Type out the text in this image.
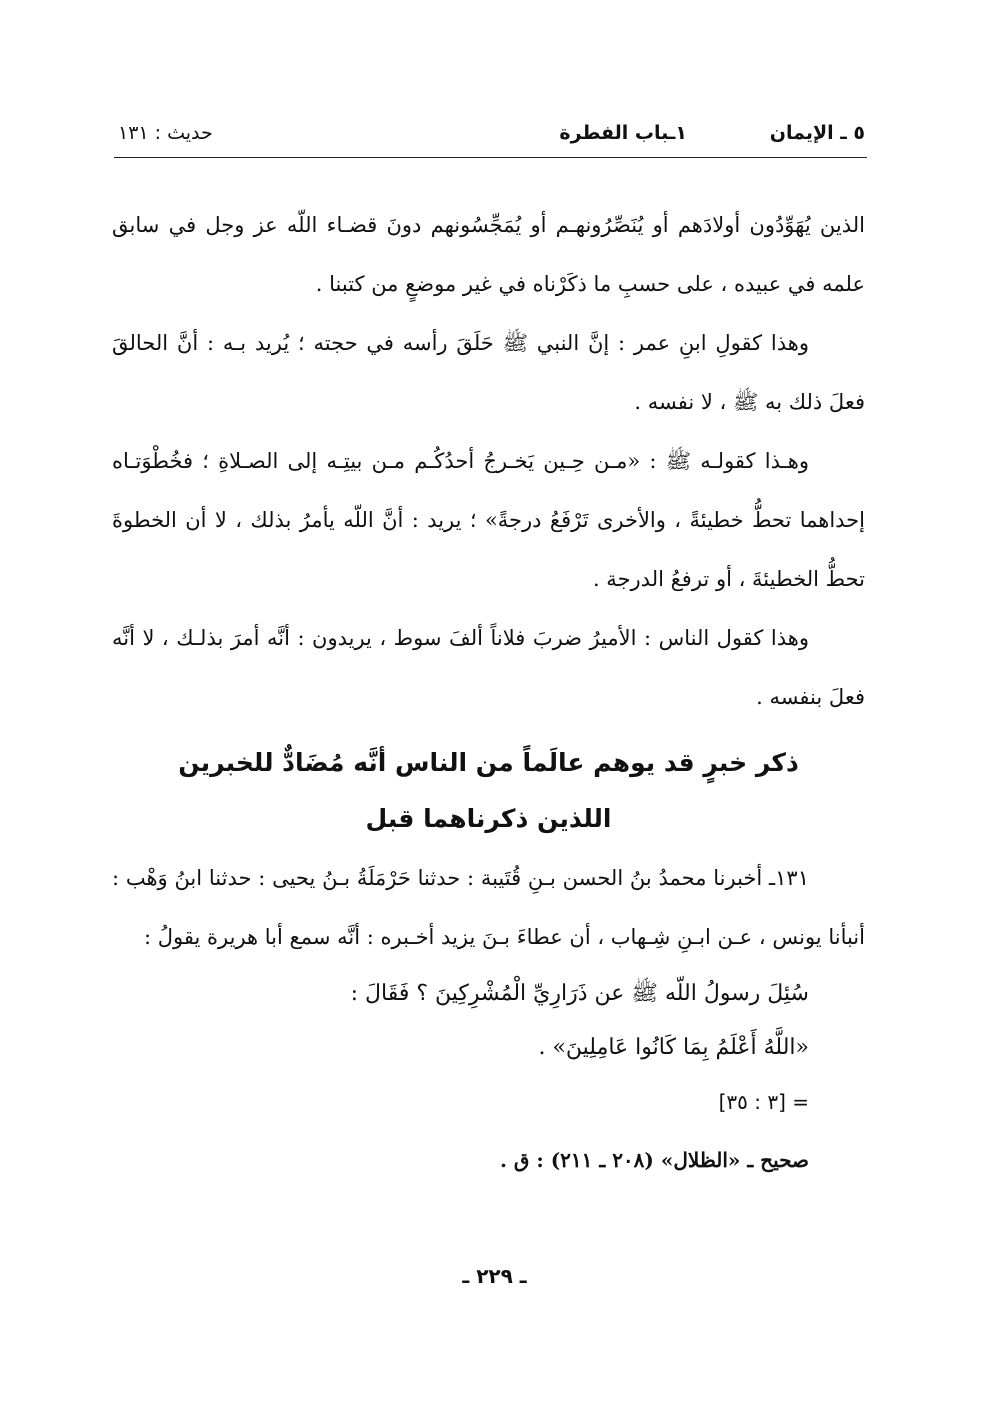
٥ ـ الإيمان
١ـباب الفطرة
حديث : ١٣١

الذين يُهَوِّدُون أولادَهم أو يُنَصِّرُونهـم أو يُمَجِّسُونهم دونَ قضـاء اللّه عز وجل في سابق علمه في عبيده ، على حسبِ ما ذكَرْناه في غير موضعٍ من كتبنا .

وهذا كقولِ ابنِ عمر : إنَّ النبي ﷺ حَلَقَ رأسه في حجته ؛ يُريد بـه : أنَّ الحالقَ فعلَ ذلك به ﷺ ، لا نفسه .

وهـذا كقولـه ﷺ : «مـن حِـين يَخـرجُ أحدُكُـم مـن بيتِـه إلى الصـلاةِ ؛ فخُطْوَتـاه إحداهما تحطُّ خطيئةً ، والأخرى تَرْفَعُ درجةً» ؛ يريد : أنَّ اللّه يأمرُ بذلك ، لا أن الخطوةَ تحطُّ الخطيئةَ ، أو ترفعُ الدرجة .

وهذا كقول الناس : الأميرُ ضربَ فلاناً ألفَ سوط ، يريدون : أنَّه أمرَ بذلـك ، لا أنَّه فعلَ بنفسه .

ذكر خبرٍ قد يوهم عالَماً من الناس أنَّه مُضَادٌّ للخبرين اللذين ذكرناهما قبل

١٣١ـ أخبرنا محمدُ بنُ الحسن بـنِ قُتَيبة : حدثنا حَرْمَلَةُ بـنُ يحيى : حدثنا ابنُ وَهْب : أنبأنا يونس ، عـن ابـنِ شِـهاب ، أن عطاءَ بـنَ يزيد أخـبره : أنَّه سمع أبا هريرة يقولُ :

سُئِلَ رسولُ اللّه ﷺ عن ذَرَارِيِّ الْمُشْرِكِينَ ؟ فَقَالَ :

«اللَّهُ أَعْلَمُ بِمَا كَانُوا عَامِلِينَ» .

= [٣ : ٣٥]

صحيح ـ «الظلال» (٢٠٨ ـ ٢١١) : ق .

ـ ٢٢٩ ـ
